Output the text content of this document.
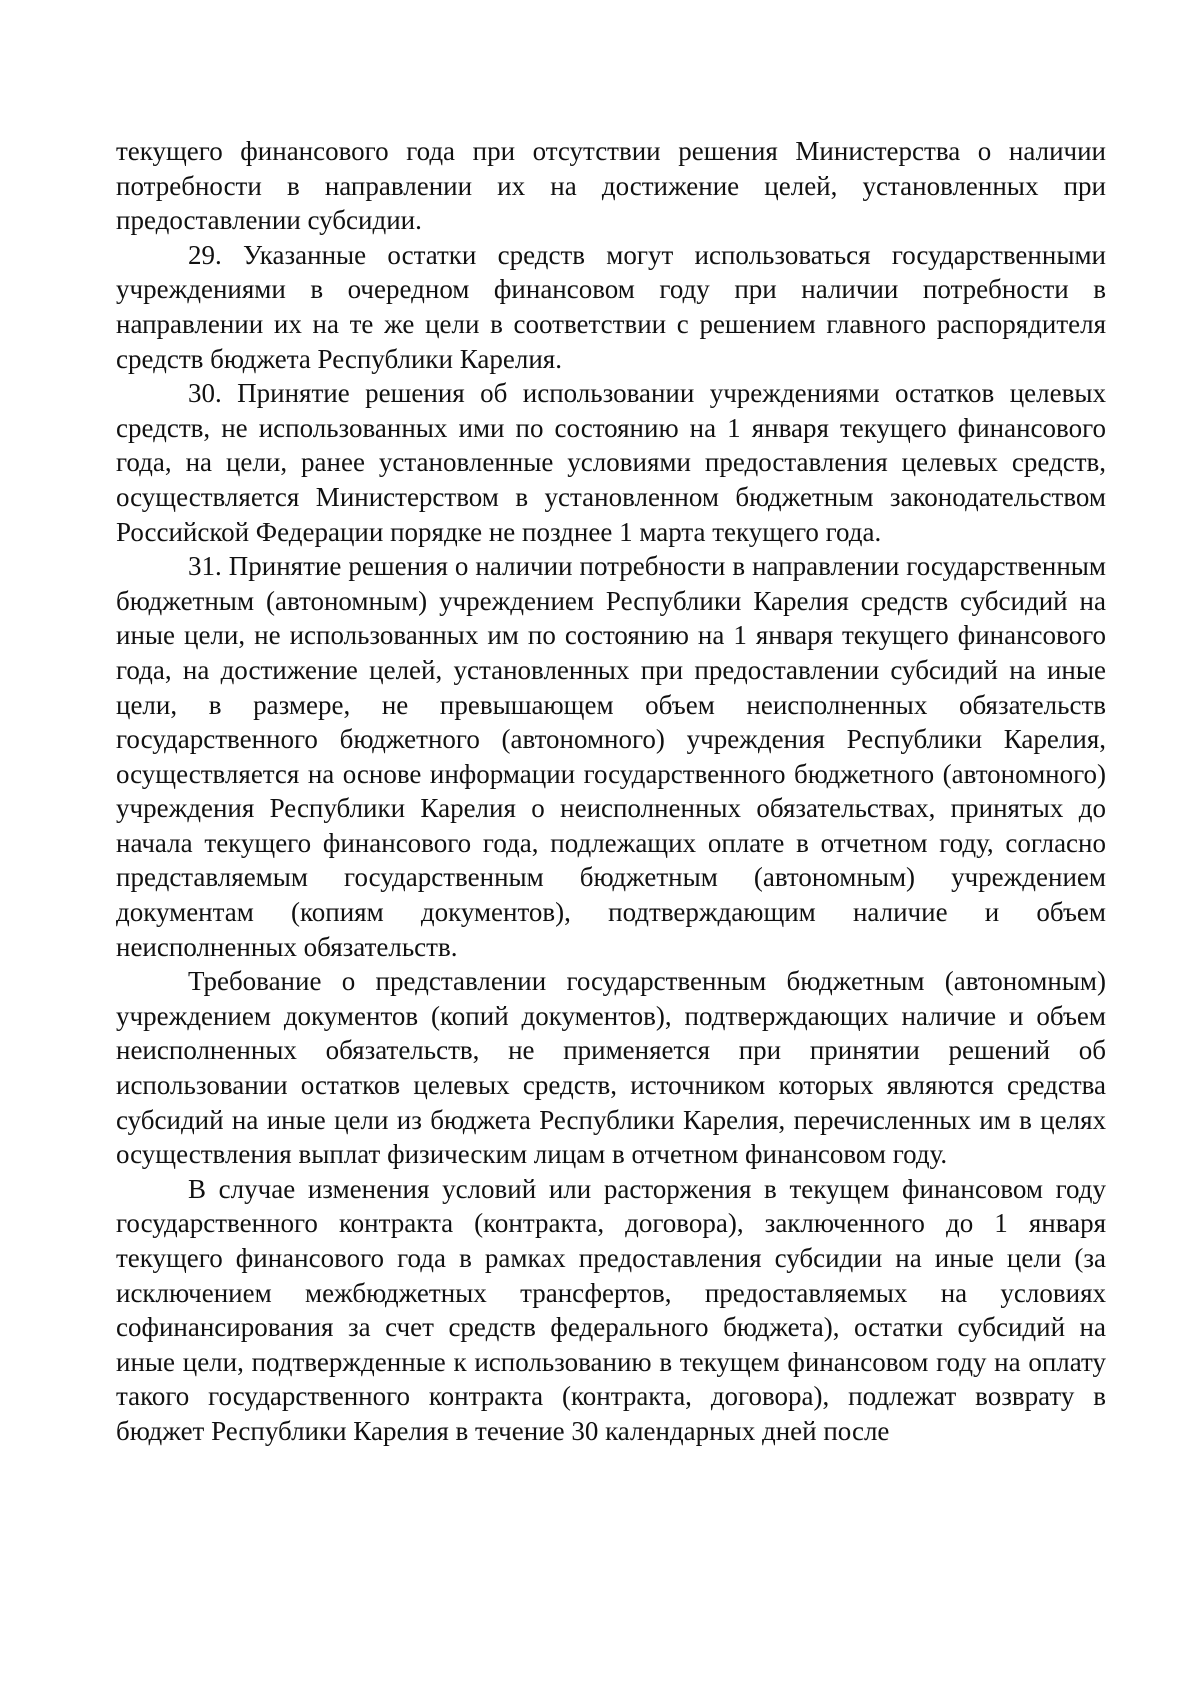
текущего финансового года при отсутствии решения Министерства о наличии потребности в направлении их на достижение целей, установленных при предоставлении субсидии.

29. Указанные остатки средств могут использоваться государственными учреждениями в очередном финансовом году при наличии потребности в направлении их на те же цели в соответствии с решением главного распорядителя средств бюджета Республики Карелия.

30. Принятие решения об использовании учреждениями остатков целевых средств, не использованных ими по состоянию на 1 января текущего финансового года, на цели, ранее установленные условиями предоставления целевых средств, осуществляется Министерством в установленном бюджетным законодательством Российской Федерации порядке не позднее 1 марта текущего года.

31. Принятие решения о наличии потребности в направлении государственным бюджетным (автономным) учреждением Республики Карелия средств субсидий на иные цели, не использованных им по состоянию на 1 января текущего финансового года, на достижение целей, установленных при предоставлении субсидий на иные цели, в размере, не превышающем объем неисполненных обязательств государственного бюджетного (автономного) учреждения Республики Карелия, осуществляется на основе информации государственного бюджетного (автономного) учреждения Республики Карелия о неисполненных обязательствах, принятых до начала текущего финансового года, подлежащих оплате в отчетном году, согласно представляемым государственным бюджетным (автономным) учреждением документам (копиям документов), подтверждающим наличие и объем неисполненных обязательств.

Требование о представлении государственным бюджетным (автономным) учреждением документов (копий документов), подтверждающих наличие и объем неисполненных обязательств, не применяется при принятии решений об использовании остатков целевых средств, источником которых являются средства субсидий на иные цели из бюджета Республики Карелия, перечисленных им в целях осуществления выплат физическим лицам в отчетном финансовом году.

В случае изменения условий или расторжения в текущем финансовом году государственного контракта (контракта, договора), заключенного до 1 января текущего финансового года в рамках предоставления субсидии на иные цели (за исключением межбюджетных трансфертов, предоставляемых на условиях софинансирования за счет средств федерального бюджета), остатки субсидий на иные цели, подтвержденные к использованию в текущем финансовом году на оплату такого государственного контракта (контракта, договора), подлежат возврату в бюджет Республики Карелия в течение 30 календарных дней после
